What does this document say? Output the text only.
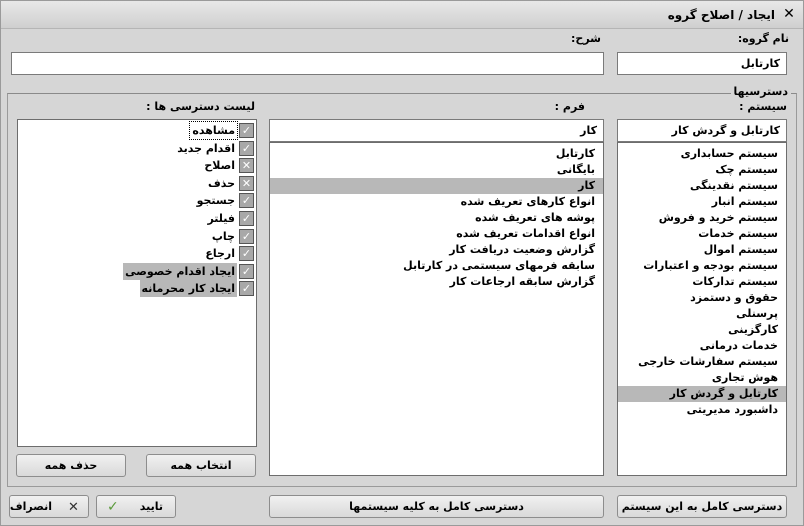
ایجاد / اصلاح گروه ✕
نام گروه:
کارتابل
شرح:
دسترسیها
سیستم :
کارتابل و گردش کار
سیستم حسابداری
سیستم چک
سیستم نقدینگی
سیستم انبار
سیستم خرید و فروش
سیستم خدمات
سیستم اموال
سیستم بودجه و اعتبارات
سیستم تدارکات
حقوق و دستمزد
پرسنلی
کارگزینی
خدمات درمانی
سیستم سفارشات خارجی
هوش تجاری
کارتابل و گردش کار
داشبورد مدیریتی
فرم :
کار
کارتابل
بایگانی
کار
انواع کارهای تعریف شده
پوشه های تعریف شده
انواع اقدامات تعریف شده
گزارش وضعیت دریافت کار
سابقه فرمهای سیستمی در کارتابل
گزارش سابقه ارجاعات کار
لیست دسترسی ها :
✓
مشاهده
✓
اقدام جدید
✕
اصلاح
✕
حذف
✓
جستجو
✓
فیلتر
✓
چاپ
✓
ارجاع
✓
ایجاد اقدام خصوصی
✓
ایجاد کار محرمانه
انتخاب همه
حذف همه
دسترسی کامل به این سیستم
دسترسی کامل به کلیه سیستمها
✓ تایید
✕
انصراف
